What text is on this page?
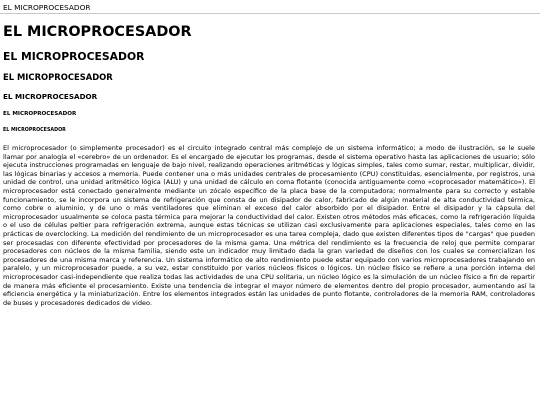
EL MICROPROCESADOR
EL MICROPROCESADOR
EL MICROPROCESADOR
EL MICROPROCESADOR
EL MICROPROCESADOR
EL MICROPROCESADOR
EL MICROPROCESADOR

El microprocesador (o simplemente procesador) es el circuito integrado central más complejo de un sistema informático; a modo de ilustración, se le suele llamar por analogía el «cerebro» de un ordenador. Es el encargado de ejecutar los programas, desde el sistema operativo hasta las aplicaciones de usuario; sólo ejecuta instrucciones programadas en lenguaje de bajo nivel, realizando operaciones aritméticas y lógicas simples, tales como sumar, restar, multiplicar, dividir, las lógicas binarias y accesos a memoria. Puede contener una o más unidades centrales de procesamiento (CPU) constituidas, esencialmente, por registros, una unidad de control, una unidad aritmético lógica (ALU) y una unidad de cálculo en coma flotante (conocida antiguamente como «coprocesador matemático»). El microprocesador está conectado generalmente mediante un zócalo específico de la placa base de la computadora; normalmente para su correcto y estable funcionamiento, se le incorpora un sistema de refrigeración que consta de un disipador de calor, fabricado de algún material de alta conductividad térmica, como cobre o aluminio, y de uno o más ventiladores que eliminan el exceso del calor absorbido por el disipador. Entre el disipador y la cápsula del microprocesador usualmente se coloca pasta térmica para mejorar la conductividad del calor. Existen otros métodos más eficaces, como la refrigeración líquida o el uso de células peltier para refrigeración extrema, aunque estas técnicas se utilizan casi exclusivamente para aplicaciones especiales, tales como en las prácticas de overclocking. La medición del rendimiento de un microprocesador es una tarea compleja, dado que existen diferentes tipos de "cargas" que pueden ser procesadas con diferente efectividad por procesadores de la misma gama. Una métrica del rendimiento es la frecuencia de reloj que permite comparar procesadores con núcleos de la misma familia, siendo este un indicador muy limitado dada la gran variedad de diseños con los cuales se comercializan los procesadores de una misma marca y referencia. Un sistema informático de alto rendimiento puede estar equipado con varios microprocesadores trabajando en paralelo, y un microprocesador puede, a su vez, estar constituido por varios núcleos físicos o lógicos. Un núcleo físico se refiere a una porción interna del microprocesador casi-independiente que realiza todas las actividades de una CPU solitaria, un núcleo lógico es la simulación de un núcleo físico a fin de repartir de manera más eficiente el procesamiento. Existe una tendencia de integrar el mayor número de elementos dentro del propio procesador, aumentando así la eficiencia energética y la miniaturización. Entre los elementos integrados están las unidades de punto flotante, controladores de la memoria RAM, controladores de buses y procesadores dedicados de video.
